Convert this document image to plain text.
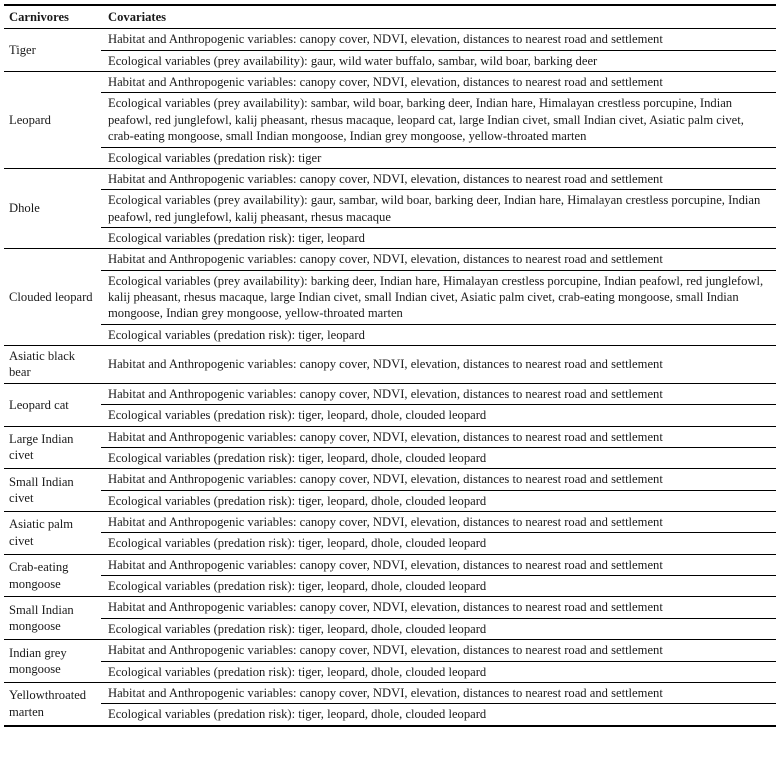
Carnivores	Covariates
Tiger	Habitat and Anthropogenic variables: canopy cover, NDVI, elevation, distances to nearest road and settlement
	Ecological variables (prey availability): gaur, wild water buffalo, sambar, wild boar, barking deer
Leopard	Habitat and Anthropogenic variables: canopy cover, NDVI, elevation, distances to nearest road and settlement
	Ecological variables (prey availability): sambar, wild boar, barking deer, Indian hare, Himalayan crestless porcupine, Indian peafowl, red junglefowl, kalij pheasant, rhesus macaque, leopard cat, large Indian civet, small Indian civet, Asiatic palm civet, crab-eating mongoose, small Indian mongoose, Indian grey mongoose, yellow-throated marten
	Ecological variables (predation risk): tiger
Dhole	Habitat and Anthropogenic variables: canopy cover, NDVI, elevation, distances to nearest road and settlement
	Ecological variables (prey availability): gaur, sambar, wild boar, barking deer, Indian hare, Himalayan crestless porcupine, Indian peafowl, red junglefowl, kalij pheasant, rhesus macaque
	Ecological variables (predation risk): tiger, leopard
Clouded leopard	Habitat and Anthropogenic variables: canopy cover, NDVI, elevation, distances to nearest road and settlement
	Ecological variables (prey availability): barking deer, Indian hare, Himalayan crestless porcupine, Indian peafowl, red junglefowl, kalij pheasant, rhesus macaque, large Indian civet, small Indian civet, Asiatic palm civet, crab-eating mongoose, small Indian mongoose, Indian grey mongoose, yellow-throated marten
	Ecological variables (predation risk): tiger, leopard
Asiatic black bear	Habitat and Anthropogenic variables: canopy cover, NDVI, elevation, distances to nearest road and settlement
Leopard cat	Habitat and Anthropogenic variables: canopy cover, NDVI, elevation, distances to nearest road and settlement
	Ecological variables (predation risk): tiger, leopard, dhole, clouded leopard
Large Indian civet	Habitat and Anthropogenic variables: canopy cover, NDVI, elevation, distances to nearest road and settlement
	Ecological variables (predation risk): tiger, leopard, dhole, clouded leopard
Small Indian civet	Habitat and Anthropogenic variables: canopy cover, NDVI, elevation, distances to nearest road and settlement
	Ecological variables (predation risk): tiger, leopard, dhole, clouded leopard
Asiatic palm civet	Habitat and Anthropogenic variables: canopy cover, NDVI, elevation, distances to nearest road and settlement
	Ecological variables (predation risk): tiger, leopard, dhole, clouded leopard
Crab-eating mongoose	Habitat and Anthropogenic variables: canopy cover, NDVI, elevation, distances to nearest road and settlement
	Ecological variables (predation risk): tiger, leopard, dhole, clouded leopard
Small Indian mongoose	Habitat and Anthropogenic variables: canopy cover, NDVI, elevation, distances to nearest road and settlement
	Ecological variables (predation risk): tiger, leopard, dhole, clouded leopard
Indian grey mongoose	Habitat and Anthropogenic variables: canopy cover, NDVI, elevation, distances to nearest road and settlement
	Ecological variables (predation risk): tiger, leopard, dhole, clouded leopard
Yellowthroated marten	Habitat and Anthropogenic variables: canopy cover, NDVI, elevation, distances to nearest road and settlement
	Ecological variables (predation risk): tiger, leopard, dhole, clouded leopard
